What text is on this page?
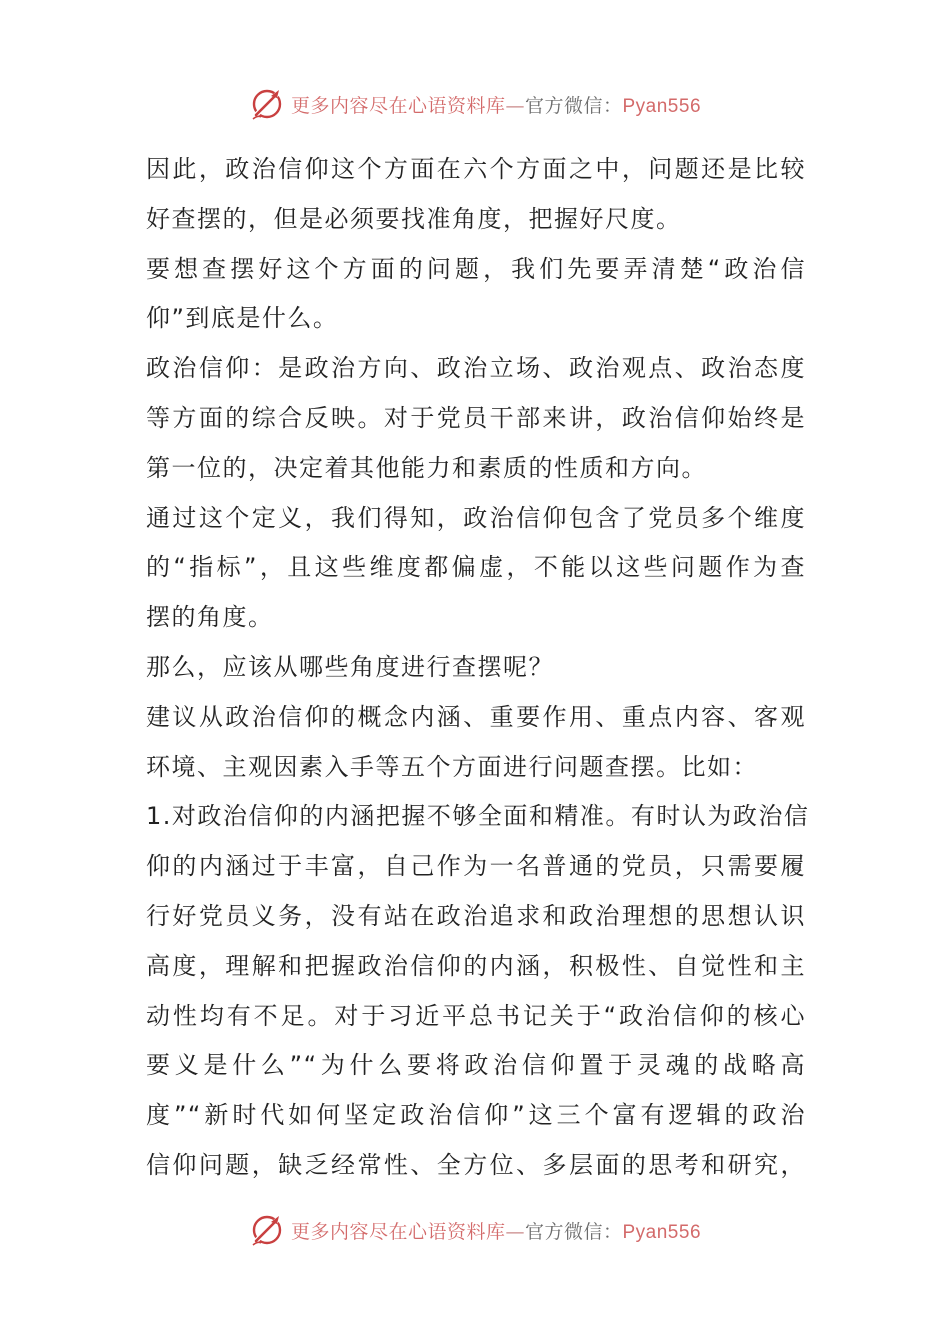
更多内容尽在心语资料库—官方微信：Pyan556
因此，政治信仰这个方面在六个方面之中，问题还是比较
好查摆的，但是必须要找准角度，把握好尺度。
要想查摆好这个方面的问题，我们先要弄清楚“政治信
仰”到底是什么。
政治信仰：是政治方向、政治立场、政治观点、政治态度
等方面的综合反映。对于党员干部来讲，政治信仰始终是
第一位的，决定着其他能力和素质的性质和方向。
通过这个定义，我们得知，政治信仰包含了党员多个维度
的“指标”，且这些维度都偏虚，不能以这些问题作为查
摆的角度。
那么，应该从哪些角度进行查摆呢？
建议从政治信仰的概念内涵、重要作用、重点内容、客观
环境、主观因素入手等五个方面进行问题查摆。比如：
1.对政治信仰的内涵把握不够全面和精准。有时认为政治信
仰的内涵过于丰富，自己作为一名普通的党员，只需要履
行好党员义务，没有站在政治追求和政治理想的思想认识
高度，理解和把握政治信仰的内涵，积极性、自觉性和主
动性均有不足。对于习近平总书记关于“政治信仰的核心
要义是什么”“为什么要将政治信仰置于灵魂的战略高
度”“新时代如何坚定政治信仰”这三个富有逻辑的政治
信仰问题，缺乏经常性、全方位、多层面的思考和研究，
更多内容尽在心语资料库—官方微信：Pyan556
